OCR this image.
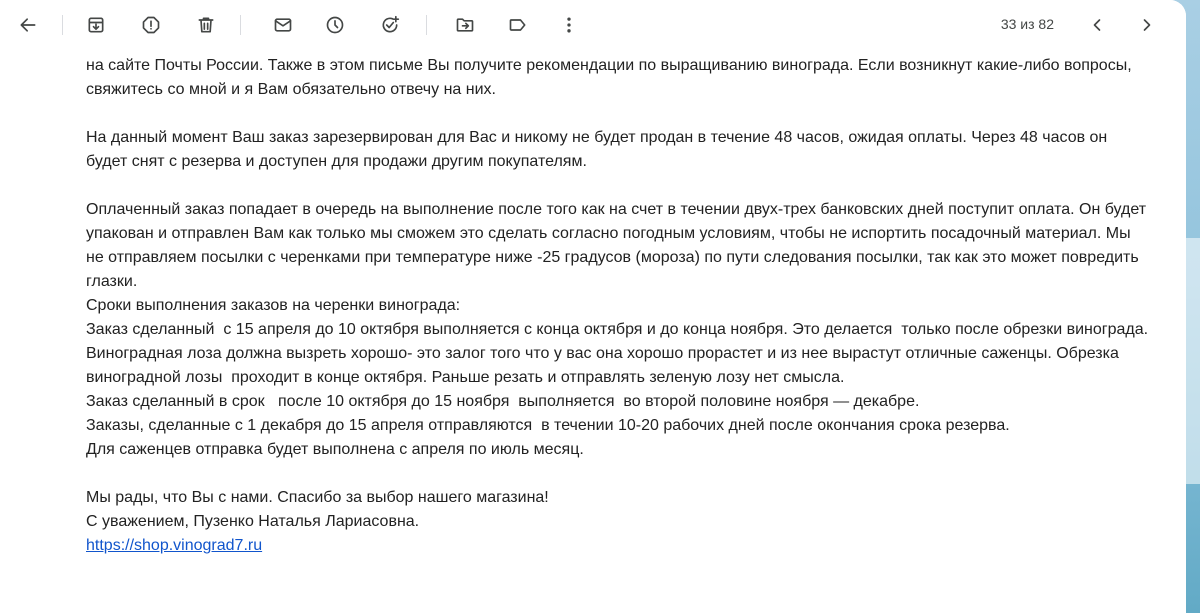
33 из 82

на сайте Почты России. Также в этом письме Вы получите рекомендации по выращиванию винограда. Если возникнут какие-либо вопросы,
свяжитесь со мной и я Вам обязательно отвечу на них.

На данный момент Ваш заказ зарезервирован для Вас и никому не будет продан в течение 48 часов, ожидая оплаты. Через 48 часов он
будет снят с резерва и доступен для продажи другим покупателям.

Оплаченный заказ попадает в очередь на выполнение после того как на счет в течении двух-трех банковских дней поступит оплата. Он будет
упакован и отправлен Вам как только мы сможем это сделать согласно погодным условиям, чтобы не испортить посадочный материал. Мы
не отправляем посылки с черенками при температуре ниже -25 градусов (мороза) по пути следования посылки, так как это может повредить
глазки.
Сроки выполнения заказов на черенки винограда:
Заказ сделанный  с 15 апреля до 10 октября выполняется с конца октября и до конца ноября. Это делается  только после обрезки винограда.
Виноградная лоза должна вызреть хорошо- это залог того что у вас она хорошо прорастет и из нее вырастут отличные саженцы. Обрезка
виноградной лозы  проходит в конце октября. Раньше резать и отправлять зеленую лозу нет смысла.
Заказ сделанный в срок   после 10 октября до 15 ноября  выполняется  во второй половине ноября — декабре.
Заказы, сделанные с 1 декабря до 15 апреля отправляются  в течении 10-20 рабочих дней после окончания срока резерва.
Для саженцев отправка будет выполнена с апреля по июль месяц.

Мы рады, что Вы с нами. Спасибо за выбор нашего магазина!
С уважением, Пузенко Наталья Лариасовна.
https://shop.vinograd7.ru
